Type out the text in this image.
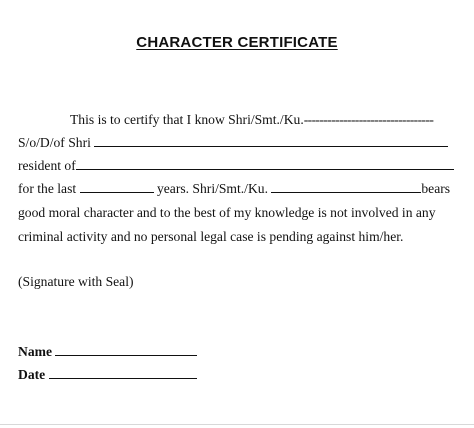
CHARACTER CERTIFICATE
This is to certify that I know Shri/Smt./Ku.---------------------------------
S/o/D/of Shri
resident of
for the last	years. Shri/Smt./Ku.	bears
good moral character and to the best of my knowledge is not involved in any
criminal activity and no personal legal case is pending against him/her.
(Signature with Seal)
Name
Date
